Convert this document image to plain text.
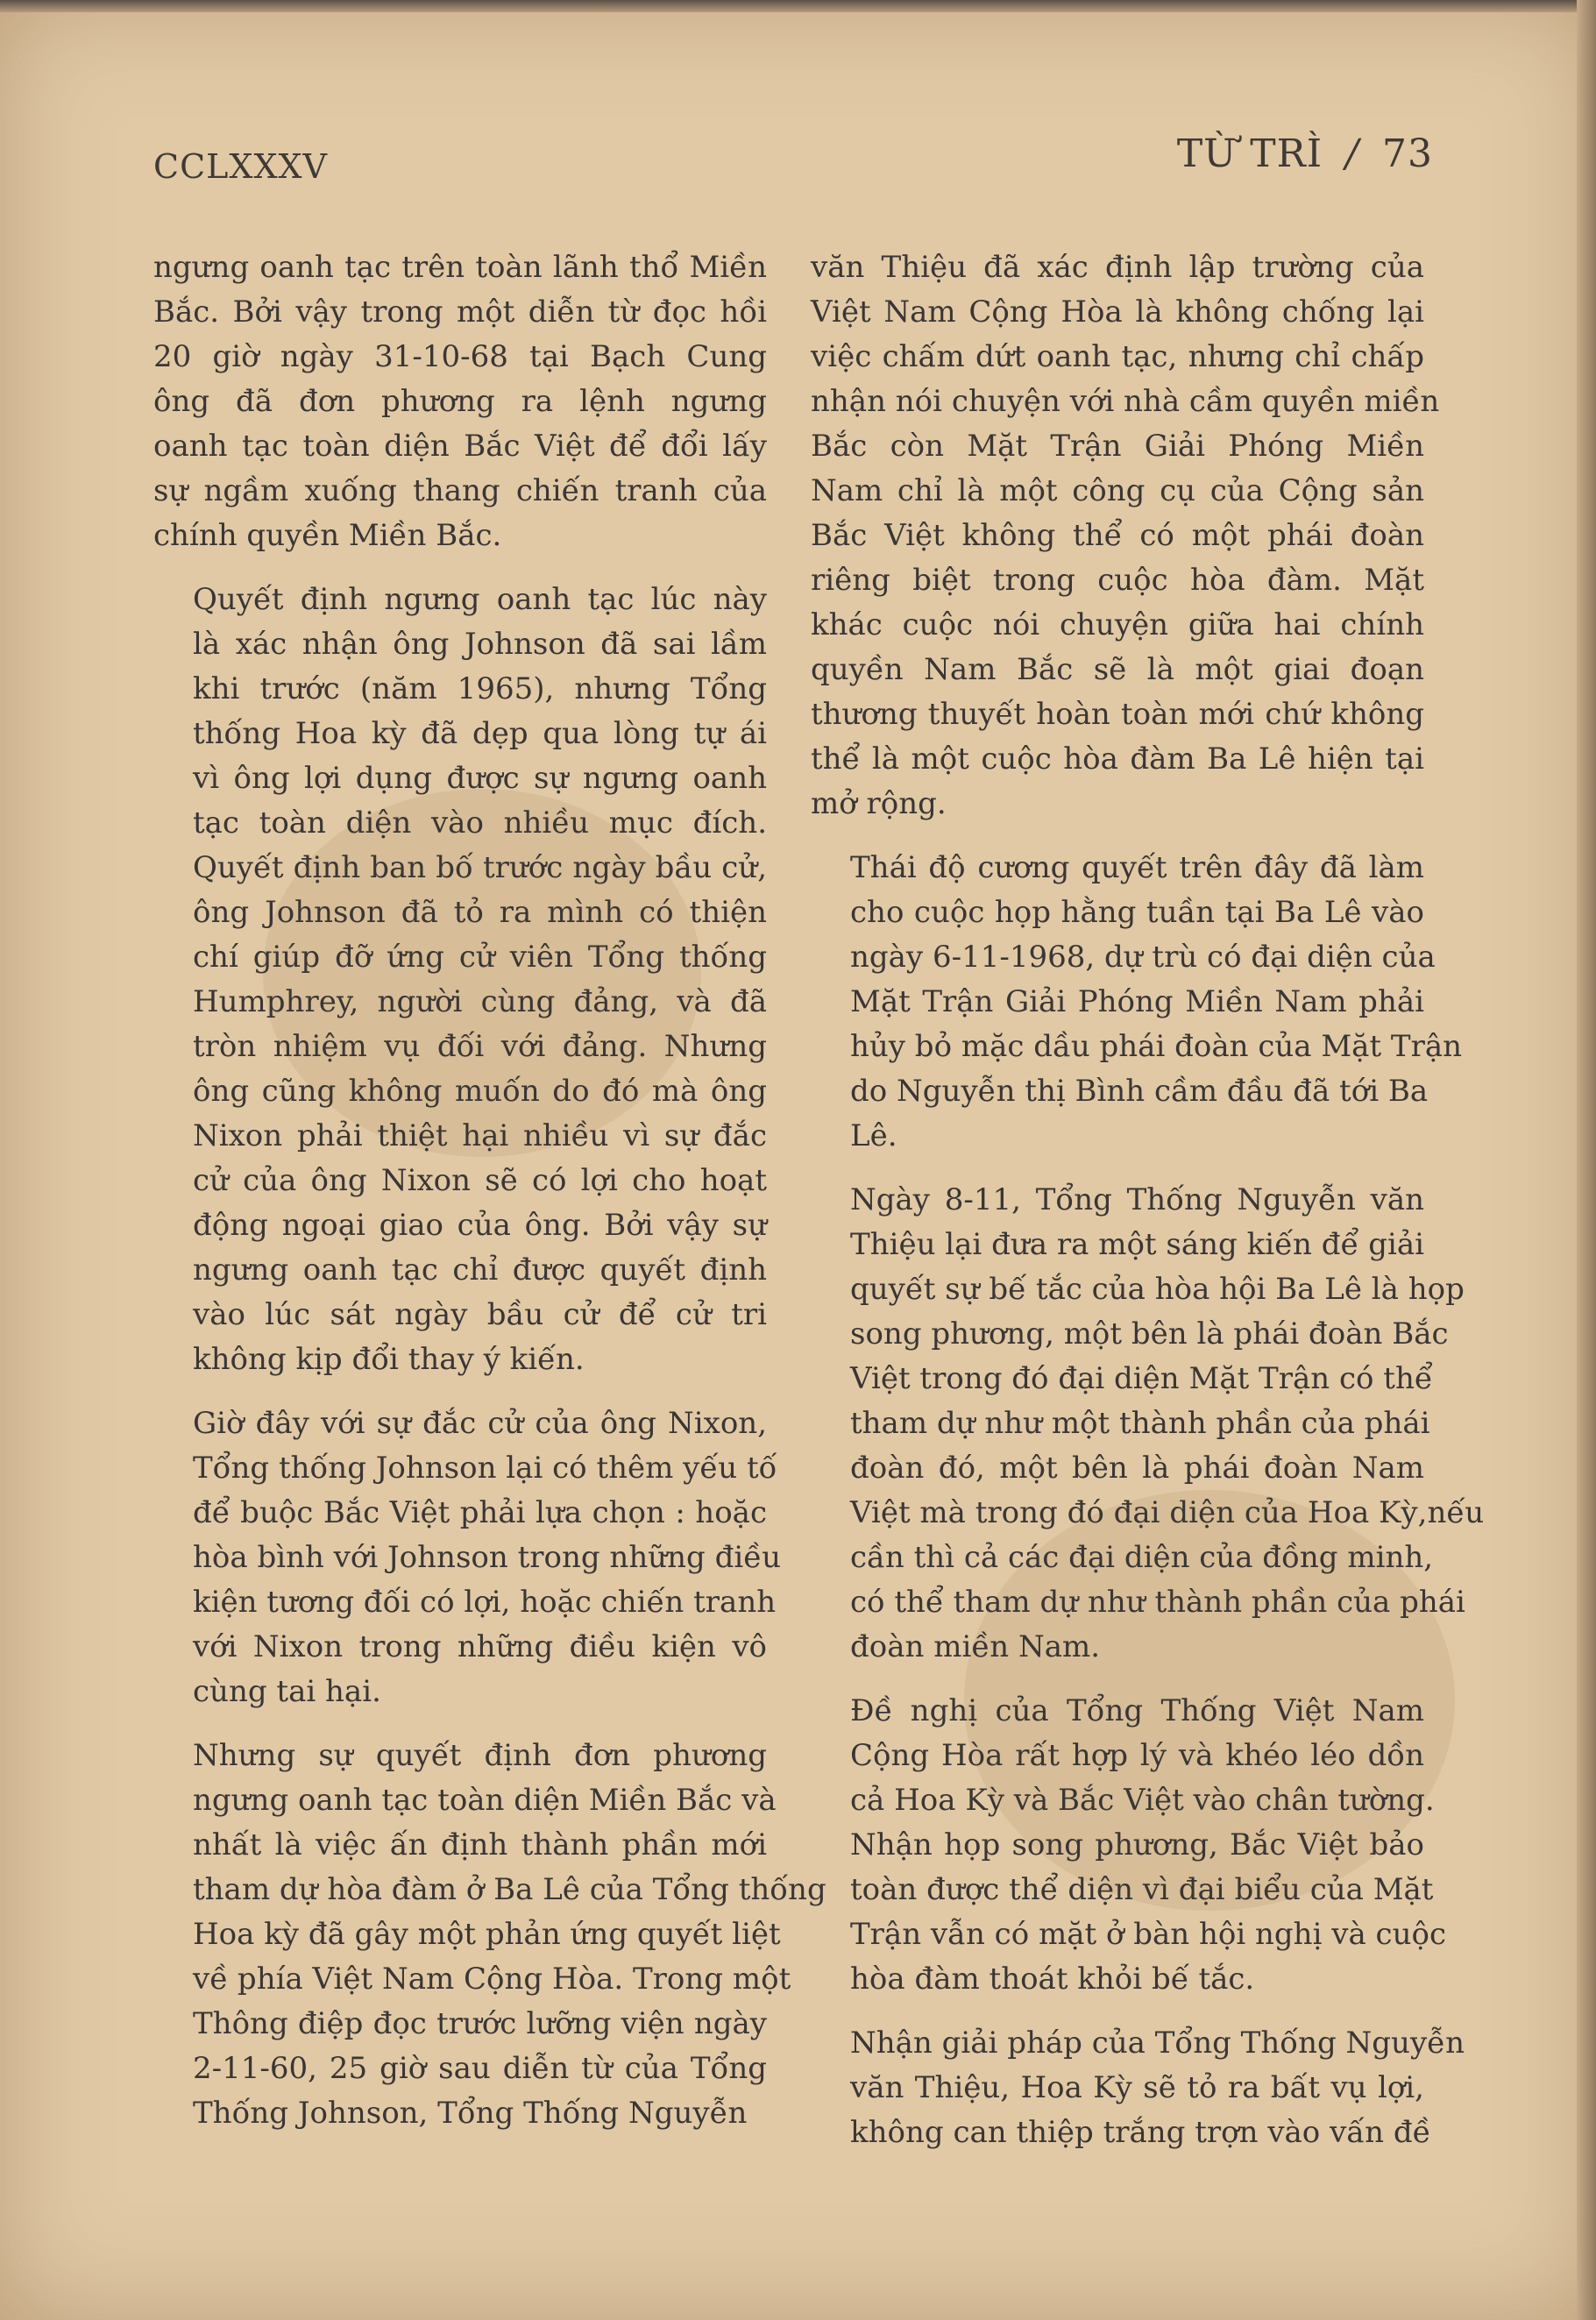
CCLXXXV	TỪ TRÌ / 73

ngưng oanh tạc trên toàn lãnh thổ Miền
Bắc. Bởi vậy trong một diễn từ đọc hồi
20 giờ ngày 31-10-68 tại Bạch Cung
ông đã đơn phương ra lệnh ngưng
oanh tạc toàn diện Bắc Việt để đổi lấy
sự ngầm xuống thang chiến tranh của
chính quyền Miền Bắc.

Quyết định ngưng oanh tạc lúc này
là xác nhận ông Johnson đã sai lầm
khi trước (năm 1965), nhưng Tổng
thống Hoa kỳ đã dẹp qua lòng tự ái
vì ông lợi dụng được sự ngưng oanh
tạc toàn diện vào nhiều mục đích.
Quyết định ban bố trước ngày bầu cử,
ông Johnson đã tỏ ra mình có thiện
chí giúp đỡ ứng cử viên Tổng thống
Humphrey, người cùng đảng, và đã
tròn nhiệm vụ đối với đảng. Nhưng
ông cũng không muốn do đó mà ông
Nixon phải thiệt hại nhiều vì sự đắc
cử của ông Nixon sẽ có lợi cho hoạt
động ngoại giao của ông. Bởi vậy sự
ngưng oanh tạc chỉ được quyết định
vào lúc sát ngày bầu cử để cử tri
không kịp đổi thay ý kiến.

Giờ đây với sự đắc cử của ông Nixon,
Tổng thống Johnson lại có thêm yếu tố
để buộc Bắc Việt phải lựa chọn : hoặc
hòa bình với Johnson trong những điều
kiện tương đối có lợi, hoặc chiến tranh
với Nixon trong những điều kiện vô
cùng tai hại.

Nhưng sự quyết định đơn phương
ngưng oanh tạc toàn diện Miền Bắc và
nhất là việc ấn định thành phần mới
tham dự hòa đàm ở Ba Lê của Tổng thống
Hoa kỳ đã gây một phản ứng quyết liệt
về phía Việt Nam Cộng Hòa. Trong một
Thông điệp đọc trước lưỡng viện ngày
2-11-60, 25 giờ sau diễn từ của Tổng
Thống Johnson, Tổng Thống Nguyễn

văn Thiệu đã xác định lập trường của
Việt Nam Cộng Hòa là không chống lại
việc chấm dứt oanh tạc, nhưng chỉ chấp
nhận nói chuyện với nhà cầm quyền miền
Bắc còn Mặt Trận Giải Phóng Miền
Nam chỉ là một công cụ của Cộng sản
Bắc Việt không thể có một phái đoàn
riêng biệt trong cuộc hòa đàm. Mặt
khác cuộc nói chuyện giữa hai chính
quyền Nam Bắc sẽ là một giai đoạn
thương thuyết hoàn toàn mới chứ không
thể là một cuộc hòa đàm Ba Lê hiện tại
mở rộng.

Thái độ cương quyết trên đây đã làm
cho cuộc họp hằng tuần tại Ba Lê vào
ngày 6-11-1968, dự trù có đại diện của
Mặt Trận Giải Phóng Miền Nam phải
hủy bỏ mặc dầu phái đoàn của Mặt Trận
do Nguyễn thị Bình cầm đầu đã tới Ba
Lê.

Ngày 8-11, Tổng Thống Nguyễn văn
Thiệu lại đưa ra một sáng kiến để giải
quyết sự bế tắc của hòa hội Ba Lê là họp
song phương, một bên là phái đoàn Bắc
Việt trong đó đại diện Mặt Trận có thể
tham dự như một thành phần của phái
đoàn đó, một bên là phái đoàn Nam
Việt mà trong đó đại diện của Hoa Kỳ,nếu
cần thì cả các đại diện của đồng minh,
có thể tham dự như thành phần của phái
đoàn miền Nam.

Đề nghị của Tổng Thống Việt Nam
Cộng Hòa rất hợp lý và khéo léo dồn
cả Hoa Kỳ và Bắc Việt vào chân tường.
Nhận họp song phương, Bắc Việt bảo
toàn được thể diện vì đại biểu của Mặt
Trận vẫn có mặt ở bàn hội nghị và cuộc
hòa đàm thoát khỏi bế tắc.

Nhận giải pháp của Tổng Thống Nguyễn
văn Thiệu, Hoa Kỳ sẽ tỏ ra bất vụ lợi,
không can thiệp trắng trợn vào vấn đề
